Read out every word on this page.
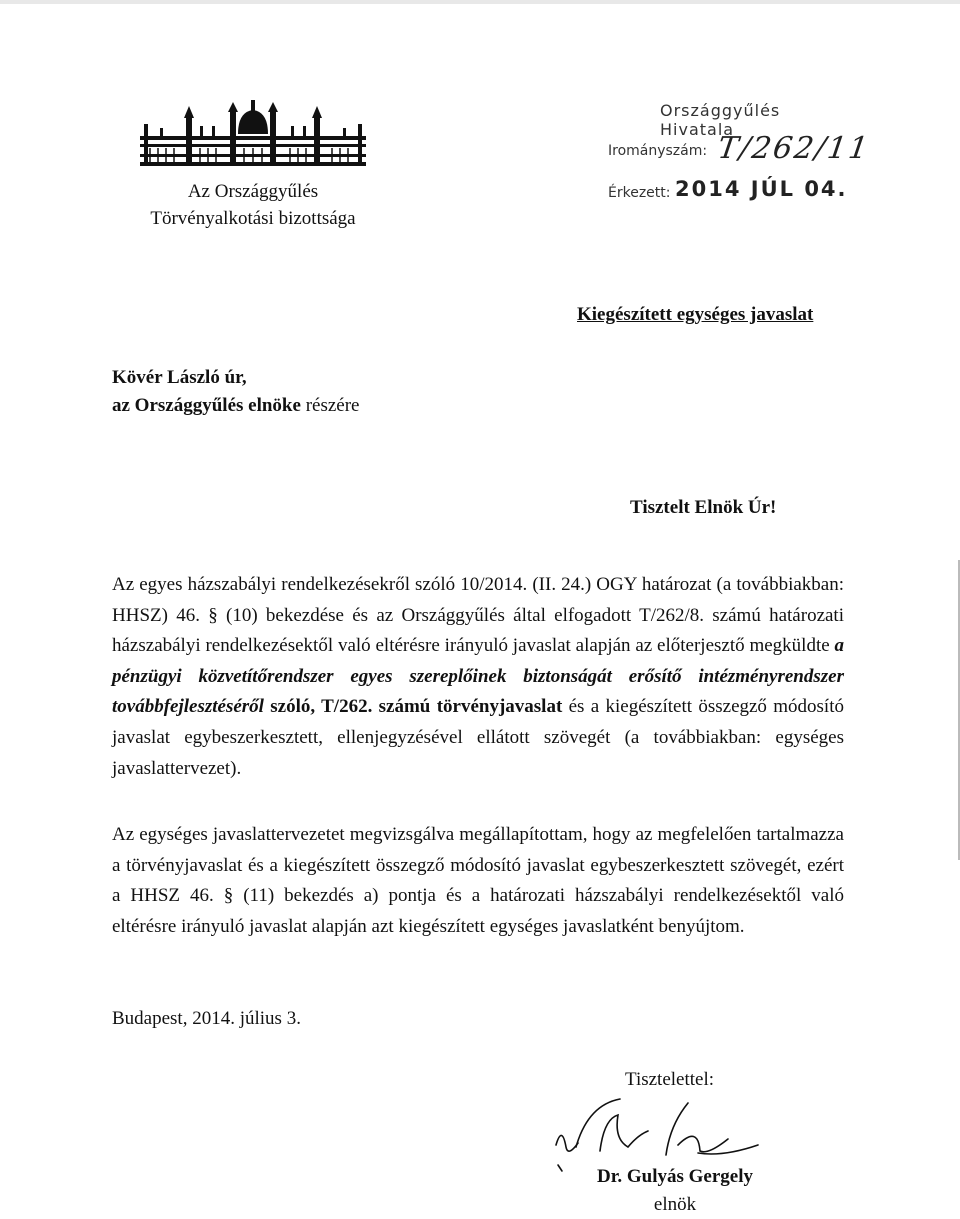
Az Országgyűlés
Törvényalkotási bizottsága
Országgyűlés Hivatala
Irományszám: T/262/11
Érkezett: 2014 JÚL 04.
Kiegészített egységes javaslat
Kövér László úr,
az Országgyűlés elnöke részére
Tisztelt Elnök Úr!
Az egyes házszabályi rendelkezésekről szóló 10/2014. (II. 24.) OGY határozat (a továbbiakban: HHSZ) 46. § (10) bekezdése és az Országgyűlés által elfogadott T/262/8. számú határozati házszabályi rendelkezésektől való eltérésre irányuló javaslat alapján az előterjesztő megküldte a pénzügyi közvetítőrendszer egyes szereplőinek biztonságát erősítő intézményrendszer továbbfejlesztéséről szóló, T/262. számú törvényjavaslat és a kiegészített összegző módosító javaslat egybeszerkesztett, ellenjegyzésével ellátott szövegét (a továbbiakban: egységes javaslattervezet).
Az egységes javaslattervezetet megvizsgálva megállapítottam, hogy az megfelelően tartalmazza a törvényjavaslat és a kiegészített összegző módosító javaslat egybeszerkesztett szövegét, ezért a HHSZ 46. § (11) bekezdés a) pontja és a határozati házszabályi rendelkezésektől való eltérésre irányuló javaslat alapján azt kiegészített egységes javaslatként benyújtom.
Budapest, 2014. július 3.
Tisztelettel:
Dr. Gulyás Gergely
elnök
